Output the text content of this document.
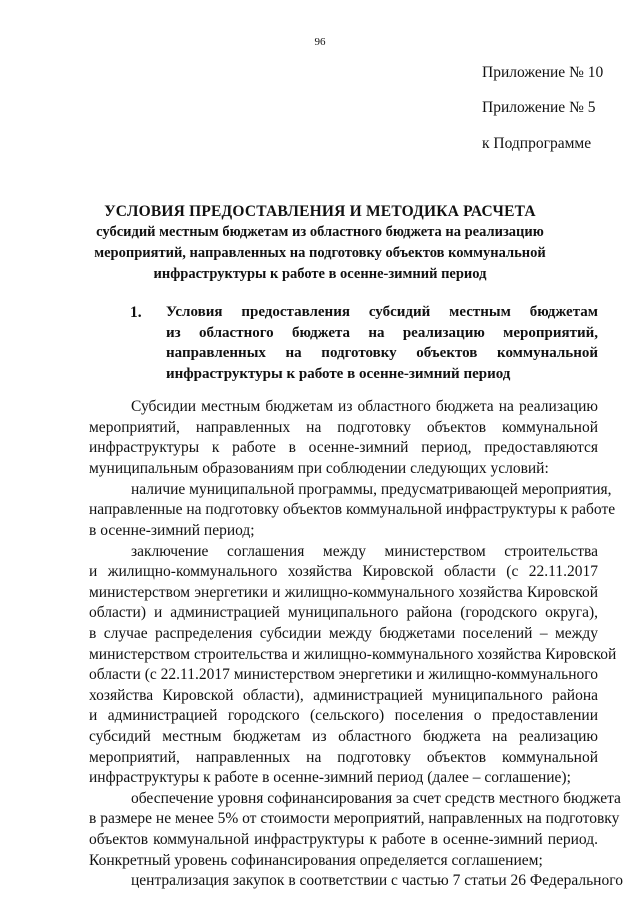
96
Приложение № 10
Приложение № 5
к Подпрограмме
УСЛОВИЯ ПРЕДОСТАВЛЕНИЯ И МЕТОДИКА РАСЧЕТА
субсидий местным бюджетам из областного бюджета на реализацию
мероприятий, направленных на подготовку объектов коммунальной
инфраструктуры к работе в осенне-зимний период
1. Условия предоставления субсидий местным бюджетам
из областного бюджета на реализацию мероприятий,
направленных на подготовку объектов коммунальной
инфраструктуры к работе в осенне-зимний период
Субсидии местным бюджетам из областного бюджета на реализацию
мероприятий, направленных на подготовку объектов коммунальной
инфраструктуры к работе в осенне-зимний период, предоставляются
муниципальным образованиям при соблюдении следующих условий:
наличие муниципальной программы, предусматривающей мероприятия,
направленные на подготовку объектов коммунальной инфраструктуры к работе
в осенне-зимний период;
заключение соглашения между министерством строительства
и жилищно-коммунального хозяйства Кировской области (с 22.11.2017
министерством энергетики и жилищно-коммунального хозяйства Кировской
области) и администрацией муниципального района (городского округа),
в случае распределения субсидии между бюджетами поселений – между
министерством строительства и жилищно-коммунального хозяйства Кировской
области (с 22.11.2017 министерством энергетики и жилищно-коммунального
хозяйства Кировской области), администрацией муниципального района
и администрацией городского (сельского) поселения о предоставлении
субсидий местным бюджетам из областного бюджета на реализацию
мероприятий, направленных на подготовку объектов коммунальной
инфраструктуры к работе в осенне-зимний период (далее – соглашение);
обеспечение уровня софинансирования за счет средств местного бюджета
в размере не менее 5% от стоимости мероприятий, направленных на подготовку
объектов коммунальной инфраструктуры к работе в осенне-зимний период.
Конкретный уровень софинансирования определяется соглашением;
централизация закупок в соответствии с частью 7 статьи 26 Федерального
